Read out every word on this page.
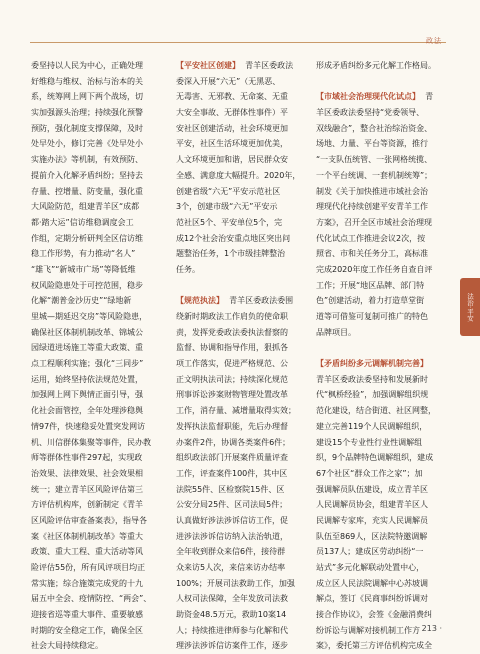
政法
委坚持以人民为中心，正确处理
好维稳与维权、治标与治本的关
系，统筹网上网下两个战场，切
实加强源头治理；持续强化预警
预防，强化制度支撑保障，及时
处早处小，修订完善《处早处小
实施办法》等机制，有效预防、
提前介入化解矛盾纠纷；坚持去
存量、控增量、防变量，强化重
大风险防范，组建青羊区“成都
都·踏大运”信访维稳调度会工
作组，定期分析研判全区信访维
稳工作形势，有力推动“名人”
“雄飞”“新城市广场”等降低维
权风险隐患处于可控范围，稳步
化解“潮普金沙历史”“绿地新
里城—期延迟交房”等风险隐患，
确保社区体制机制改革、锦城公
园绿道进场施工等重大政策、重
点工程顺利实施；强化“三同步”
运用，始终坚持依法规范处置，
加强网上网下舆情正面引导，强
化社会面管控，全年处理涉稳舆
情97件，快速稳妥处置突发网访
机、川信群体集聚等事件，民办教
师等群体性事件297起，实现政
治效果、法律效果、社会效果相
统一；建立青羊区风险评估第三
方评估机构库，创新制定《青羊
区风险评估审查备案表》，指导各
案《社区体制机制改革》等重大
政策、重大工程、重大活动等风
险评估55份，所有风评项目均正
常实施；综合施策完成党的十九
届五中全会、疫情防控、“两会”、
迎接省巡等重大事件、重要敏感
时期的安全稳定工作，确保全区
社会大局持续稳定。
【平安社区创建】  青羊区委政法
委深入开展“六无”（无黑恶、
无毒害、无邪教、无命案、无重
大安全事故、无群体性事件）平
安社区创建活动，社会环境更加
平安，社区生活环境更加优美，
人文环境更加和谐，居民群众安
全感、满意度大幅提升。2020年，
创建省级“六无”平安示范社区
3个，创建市级“六无”平安示
范社区5个、平安单位5个，完
成12个社会治安重点地区突出问
题整治任务，1个市级挂牌整治
任务。

【规范执法】  青羊区委政法委围
绕新时期政法工作肩负的使命职
责，发挥党委政法委执法督察的
监督、协调和指导作用，狠抓各
项工作落实，促进严格规范、公
正文明执法司法；持续深化规范
刑事诉讼涉案财物管理处置改革
工作，消存量、减增量取得实效；
发挥执法监督职能，先后办理督
办案件2件，协调各类案件6件；
组织政法部门开展案件质量评查
工作，评查案件100件，其中区
法院55件、区检察院15件、区
公安分局25件、区司法局5件；
认真做好涉法涉诉信访工作，促
进涉法涉诉信访纳入法治轨道，
全年收到群众来信6件，接待群
众来访5人次，来信来访办结率
100%；开展司法救助工作，加强
人权司法保障，全年发放司法救
助资金48.5万元，救助10案14
人；持续推进律师参与化解和代
理涉法涉诉信访案件工作，逐步
形成矛盾纠纷多元化解工作格局。

【市域社会治理现代化试点】  青
羊区委政法委坚持“党委领导、
双线融合”，整合社治综治资金、
场地、力量、平台等资源，推行
“一支队伍统管、一张网格统揽、
一个平台统调、一套机制统筹”；
制发《关于加快推进市域社会治
理现代化持续创建平安青羊工作
方案》，召开全区市域社会治理现
代化试点工作推进会议2次，按
照省、市和关任务分工，高标准
完成2020年度工作任务自查自评
工作；开展“地区品牌、部门特
色”创建活动，着力打造草堂街
道等可借鉴可复制可推广的特色
品牌项目。

【矛盾纠纷多元调解机制完善】
青羊区委政法委坚持和发展新时
代“枫桥经验”，加强调解组织规
范化建设，结合街道、社区网整，
建立完善119个人民调解组织，
建设15个专业性行业性调解组
织，9个品牌特色调解组织，建成
67个社区“群众工作之家”；加
强调解员队伍建设，成立青羊区
人民调解员协会，组建青羊区人
民调解专家库，充实人民调解员
队伍至869人，区法院特邀调解
员137人；建成区劳动纠纷“一
站式”多元化解联动处置中心，
成立区人民法院调解中心苏坡调
解点，签订《民商事纠纷诉调对
接合作协议》，会签《金融消费纠
纷诉讼与调解对接机制工作方
案》，委托第三方评估机构完成全
法治·平安
· 213 ·
